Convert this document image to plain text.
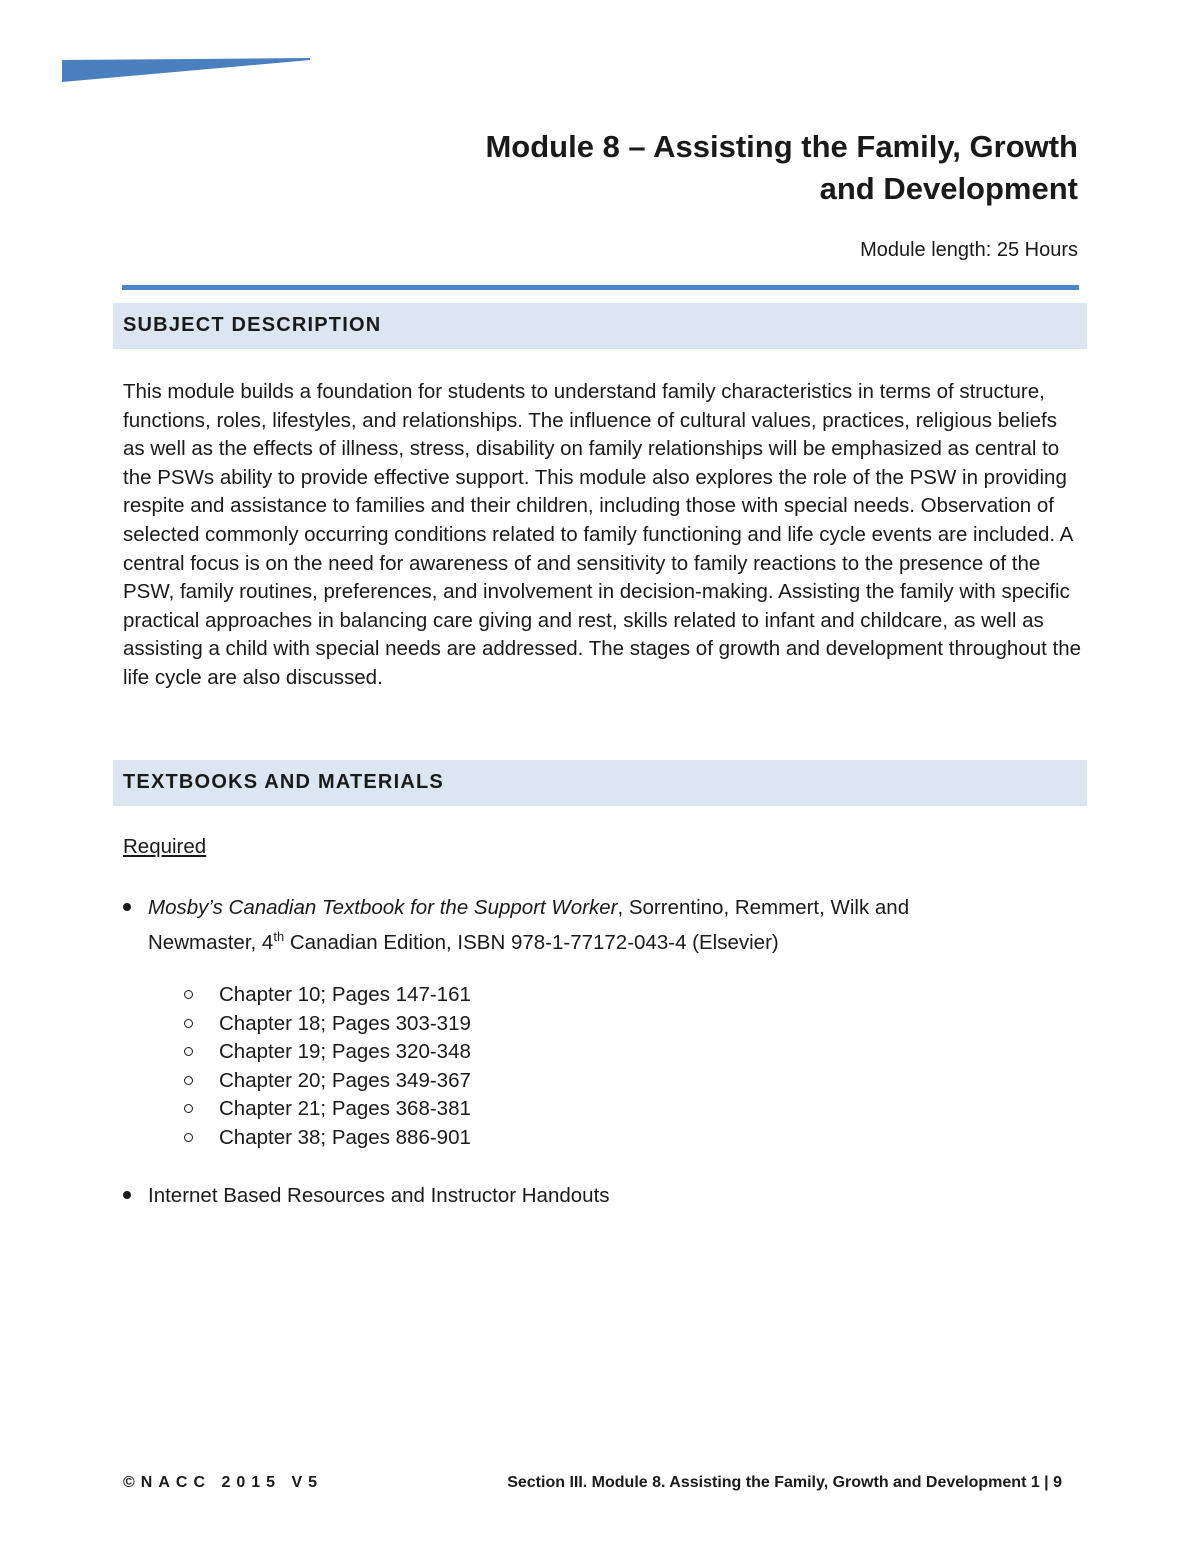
Module 8 – Assisting the Family, Growth

and Development

Module length: 25 Hours
SUBJECT DESCRIPTION

This module builds a foundation for students to understand family characteristics in terms of structure, functions, roles, lifestyles, and relationships. The influence of cultural values, practices, religious beliefs as well as the effects of illness, stress, disability on family relationships will be emphasized as central to the PSWs ability to provide effective support. This module also explores the role of the PSW in providing respite and assistance to families and their children, including those with special needs. Observation of selected commonly occurring conditions related to family functioning and life cycle events are included. A central focus is on the need for awareness of and sensitivity to family reactions to the presence of the PSW, family routines, preferences, and involvement in decision-making. Assisting the family with specific practical approaches in balancing care giving and rest, skills related to infant and childcare, as well as assisting a child with special needs are addressed. The stages of growth and development throughout the life cycle are also discussed.

TEXTBOOKS AND MATERIALS
Required
Mosby’s Canadian Textbook for the Support Worker, Sorrentino, Remmert, Wilk and
Newmaster, 4th Canadian Edition, ISBN 978-1-77172-043-4 (Elsevier)
Chapter 10; Pages 147-161
Chapter 18; Pages 303-319
Chapter 19; Pages 320-348
Chapter 20; Pages 349-367
Chapter 21; Pages 368-381
Chapter 38; Pages 886-901
Internet Based Resources and Instructor Handouts
©NACC 2015 V5	Section III. Module 8. Assisting the Family, Growth and Development 1 | 9
